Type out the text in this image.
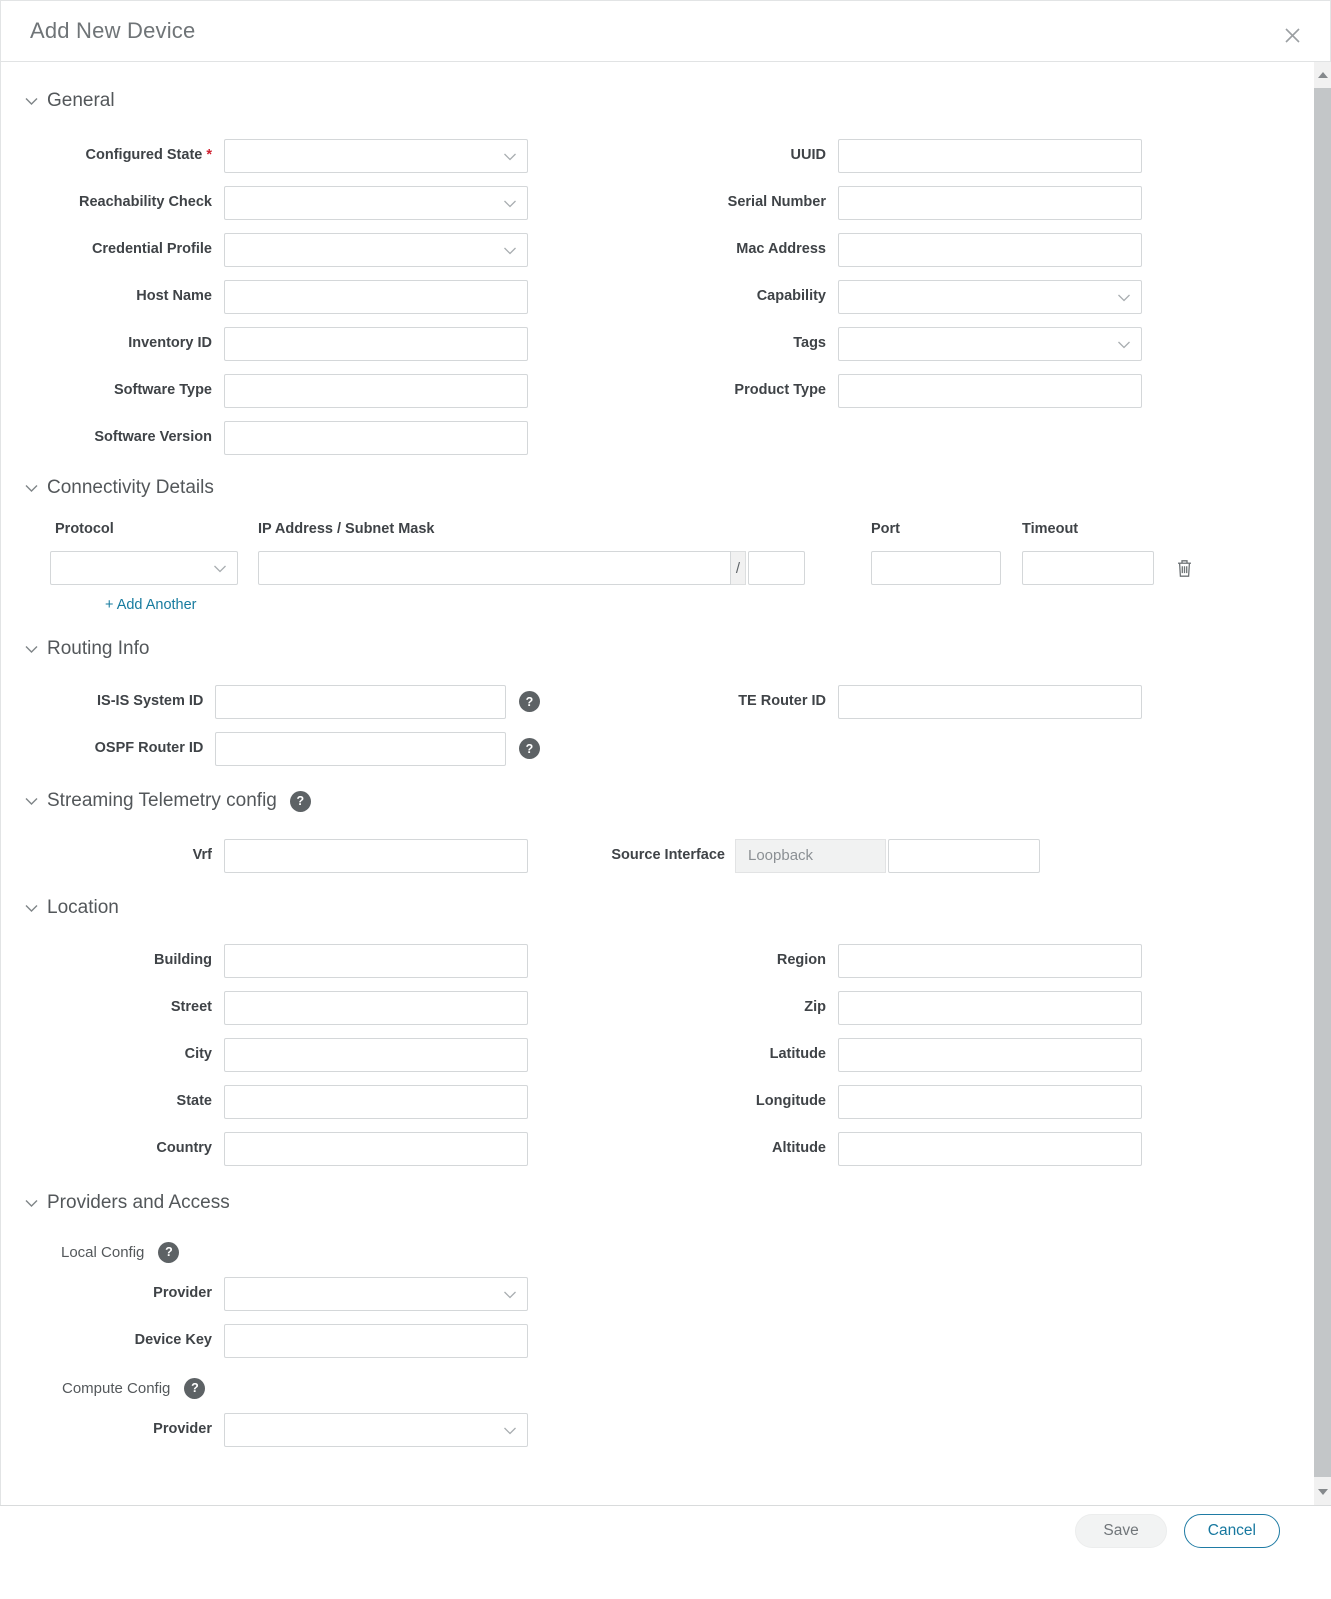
Add New Device
General
Configured State *
Reachability Check
Credential Profile
Host Name
Inventory ID
Software Type
Software Version
UUID
Serial Number
Mac Address
Capability
Tags
Product Type
Connectivity Details
Protocol	IP Address / Subnet Mask	Port	Timeout
/
+ Add Another
Routing Info
IS-IS System ID	?
OSPF Router ID	?
TE Router ID
Streaming Telemetry config	?
Vrf	Source Interface	Loopback
Location
Building
Street
City
State
Country
Region
Zip
Latitude
Longitude
Altitude
Providers and Access
Local Config	?
Provider
Device Key
Compute Config	?
Provider
Save	Cancel
